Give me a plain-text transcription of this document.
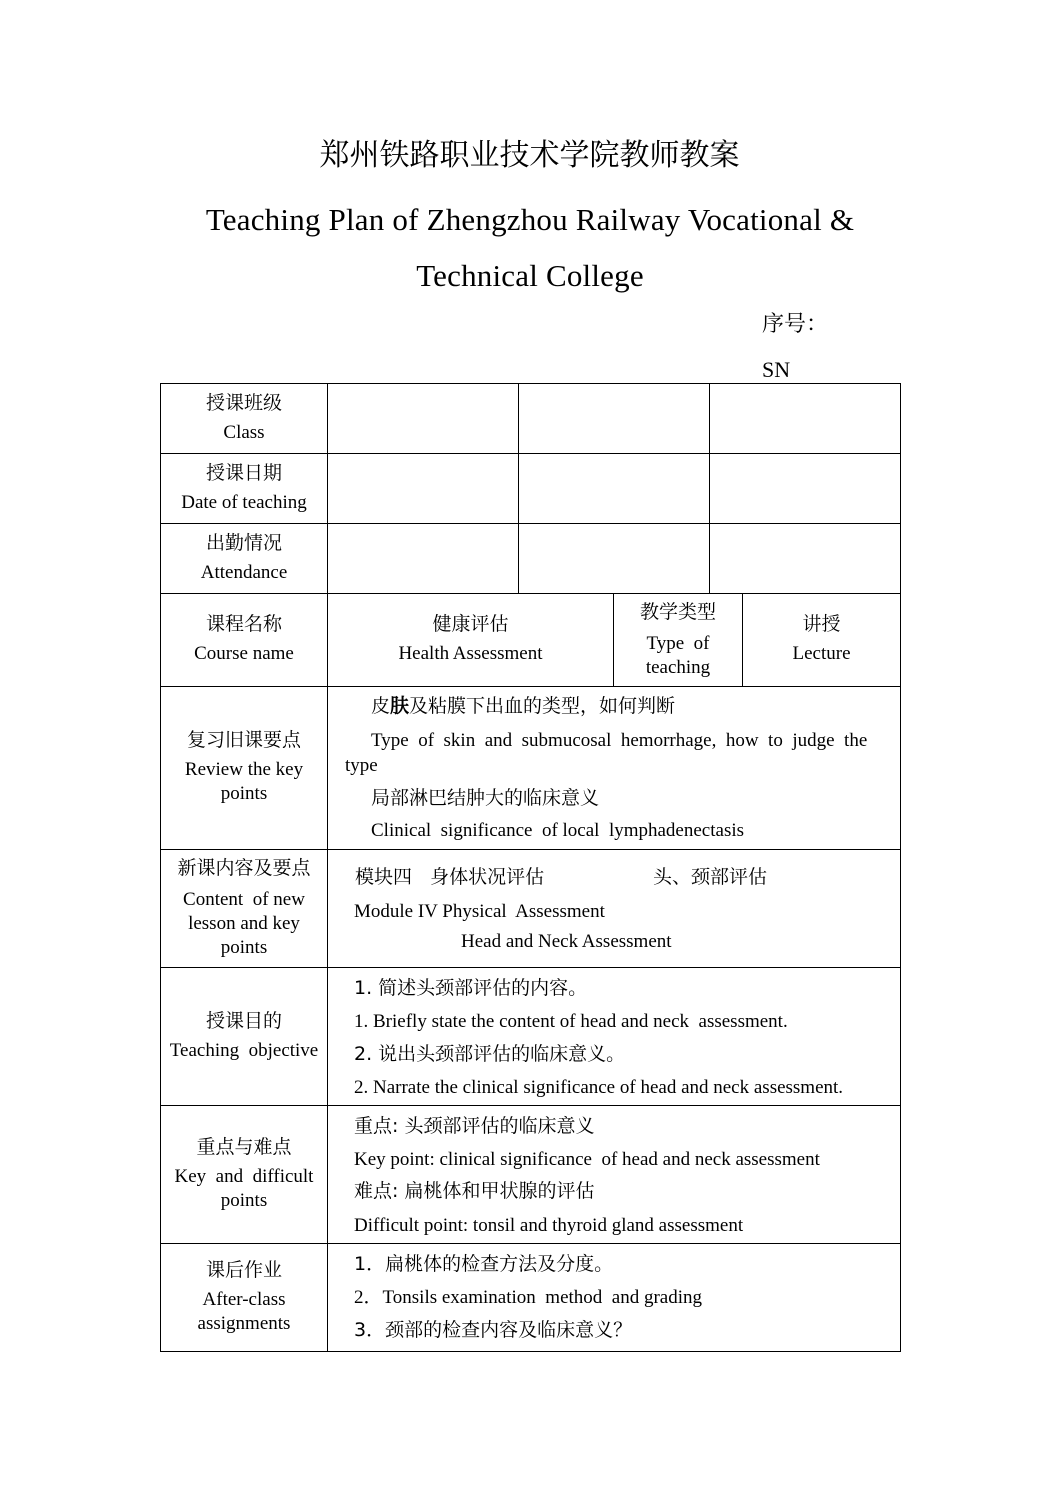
郑州铁路职业技术学院教师教案
Teaching Plan of Zhengzhou Railway Vocational &
Technical College
序号：
SN
授课班级
Class
授课日期
Date of teaching
出勤情况
Attendance
课程名称
Course name
健康评估
Health Assessment
教学类型
Type  of
teaching
讲授
Lecture
复习旧课要点
Review the key
points
皮肤及粘膜下出血的类型，如何判断
Type  of  skin  and  submucosal  hemorrhage,  how  to  judge  the
type
局部淋巴结肿大的临床意义
Clinical  significance  of local  lymphadenectasis
新课内容及要点
Content  of new
lesson and key
points
模块四   身体状况评估	头、颈部评估
Module IV Physical  Assessment
Head and Neck Assessment
授课目的
Teaching  objective
1. 简述头颈部评估的内容。
1. Briefly state the content of head and neck  assessment.
2. 说出头颈部评估的临床意义。
2. Narrate the clinical significance of head and neck assessment.
重点与难点
Key  and  difficult
points
重点: 头颈部评估的临床意义
Key point: clinical significance  of head and neck assessment
难点: 扁桃体和甲状腺的评估
Difficult point: tonsil and thyroid gland assessment
课后作业
After-class
assignments
1．扁桃体的检查方法及分度。
2．Tonsils examination  method  and grading
3．颈部的检查内容及临床意义？
